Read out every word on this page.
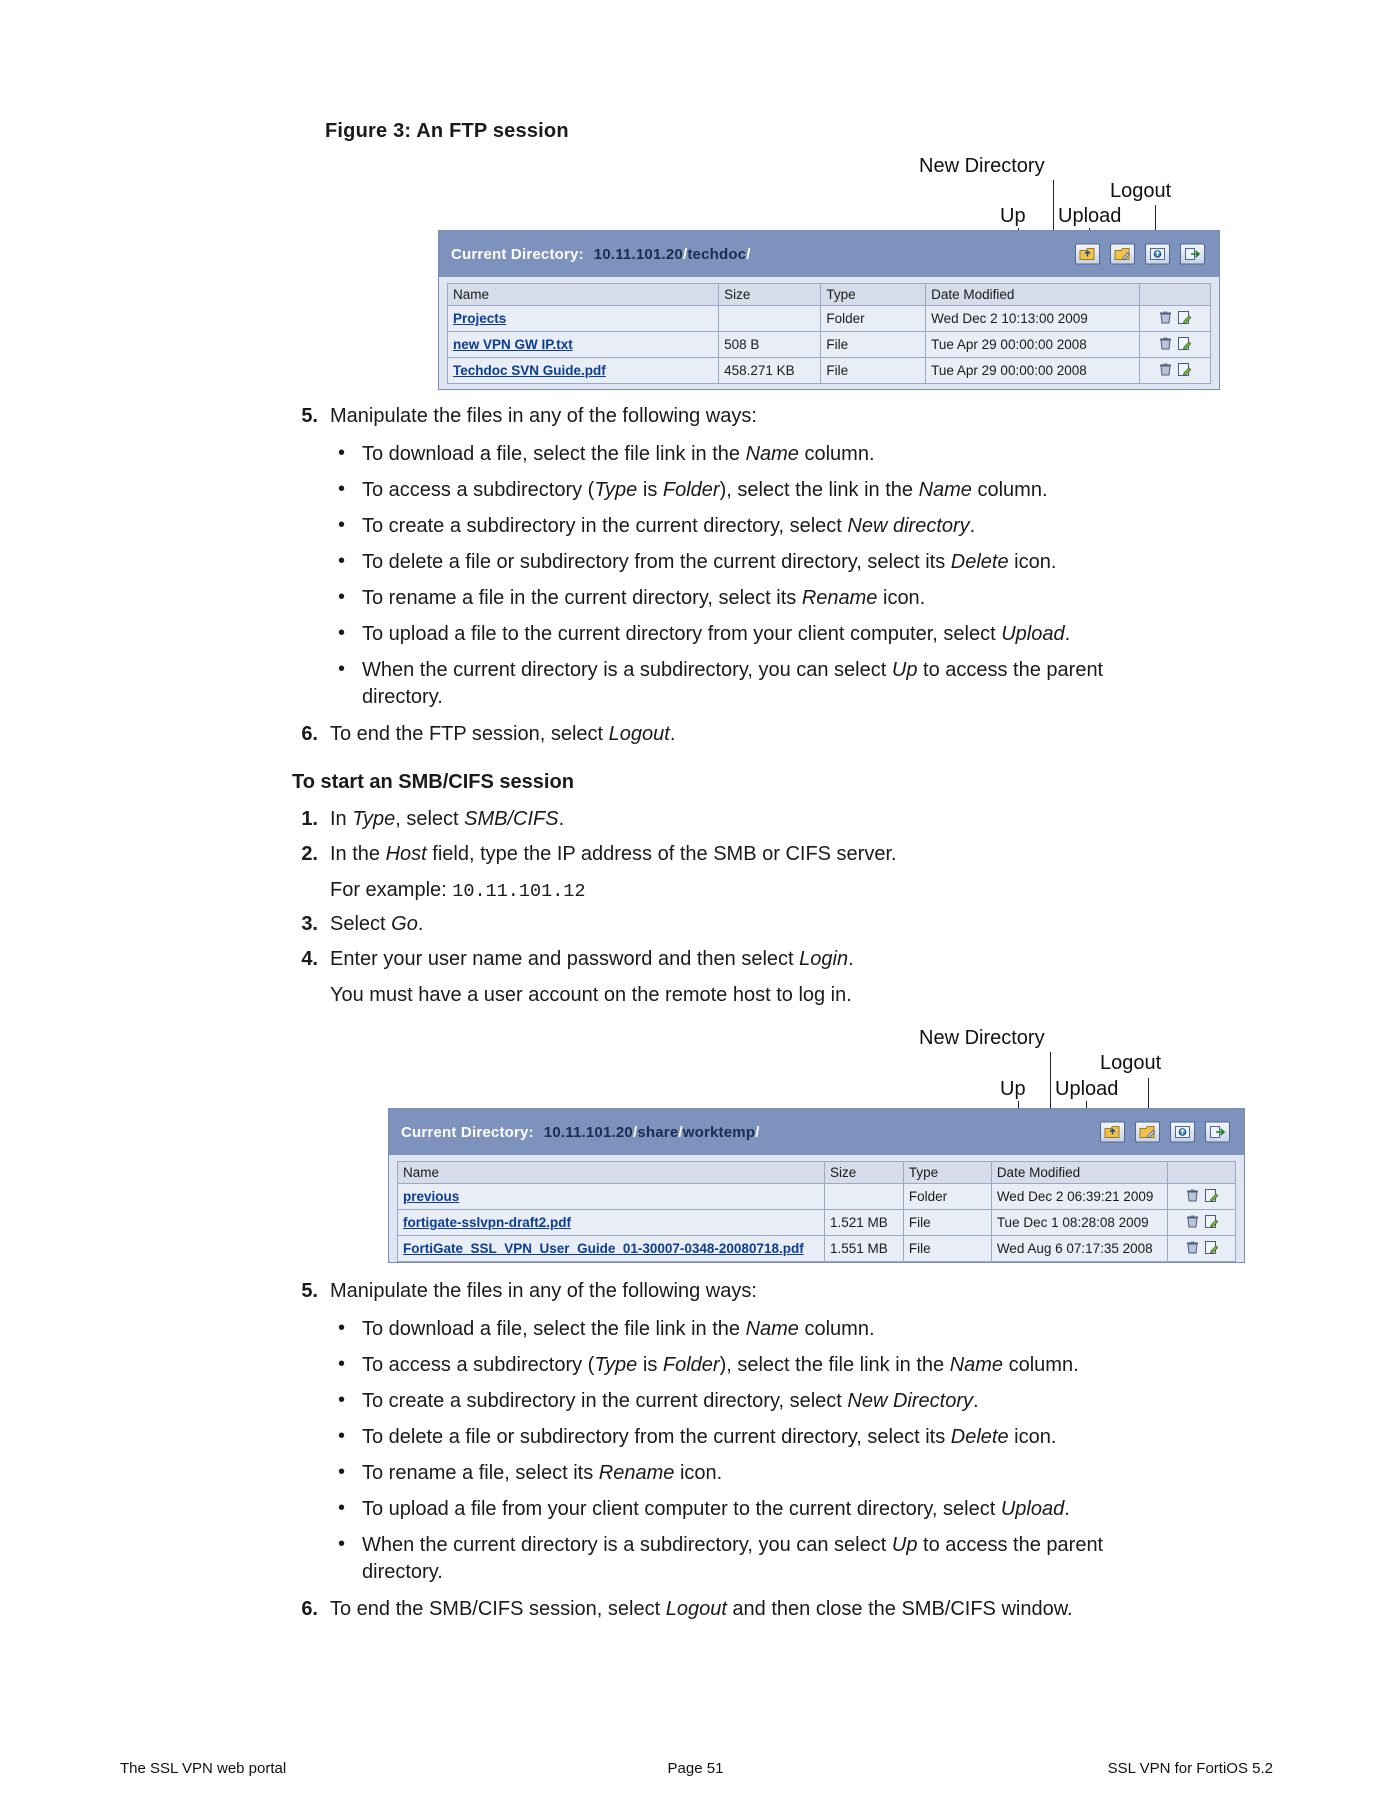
Figure 3: An FTP session
New Directory
Logout
Up Upload
Current Directory: 10.11.101.20/techdoc/
Name	Size	Type	Date Modified	
Projects		Folder	Wed Dec 2 10:13:00 2009	
new VPN GW IP.txt	508 B	File	Tue Apr 29 00:00:00 2008	
Techdoc SVN Guide.pdf	458.271 KB	File	Tue Apr 29 00:00:00 2008	
5. Manipulate the files in any of the following ways:
• To download a file, select the file link in the Name column.
• To access a subdirectory (Type is Folder), select the link in the Name column.
• To create a subdirectory in the current directory, select New directory.
• To delete a file or subdirectory from the current directory, select its Delete icon.
• To rename a file in the current directory, select its Rename icon.
• To upload a file to the current directory from your client computer, select Upload.
• When the current directory is a subdirectory, you can select Up to access the parent directory.
6. To end the FTP session, select Logout.
To start an SMB/CIFS session
1. In Type, select SMB/CIFS.
2. In the Host field, type the IP address of the SMB or CIFS server.
For example: 10.11.101.12
3. Select Go.
4. Enter your user name and password and then select Login.
You must have a user account on the remote host to log in.
New Directory
Logout
Up Upload
Current Directory: 10.11.101.20/share/worktemp/
Name	Size	Type	Date Modified	
previous		Folder	Wed Dec 2 06:39:21 2009	
fortigate-sslvpn-draft2.pdf	1.521 MB	File	Tue Dec 1 08:28:08 2009	
FortiGate_SSL_VPN_User_Guide_01-30007-0348-20080718.pdf	1.551 MB	File	Wed Aug 6 07:17:35 2008	
5. Manipulate the files in any of the following ways:
• To download a file, select the file link in the Name column.
• To access a subdirectory (Type is Folder), select the file link in the Name column.
• To create a subdirectory in the current directory, select New Directory.
• To delete a file or subdirectory from the current directory, select its Delete icon.
• To rename a file, select its Rename icon.
• To upload a file from your client computer to the current directory, select Upload.
• When the current directory is a subdirectory, you can select Up to access the parent directory.
6. To end the SMB/CIFS session, select Logout and then close the SMB/CIFS window.
The SSL VPN web portal	Page 51	SSL VPN for FortiOS 5.2
